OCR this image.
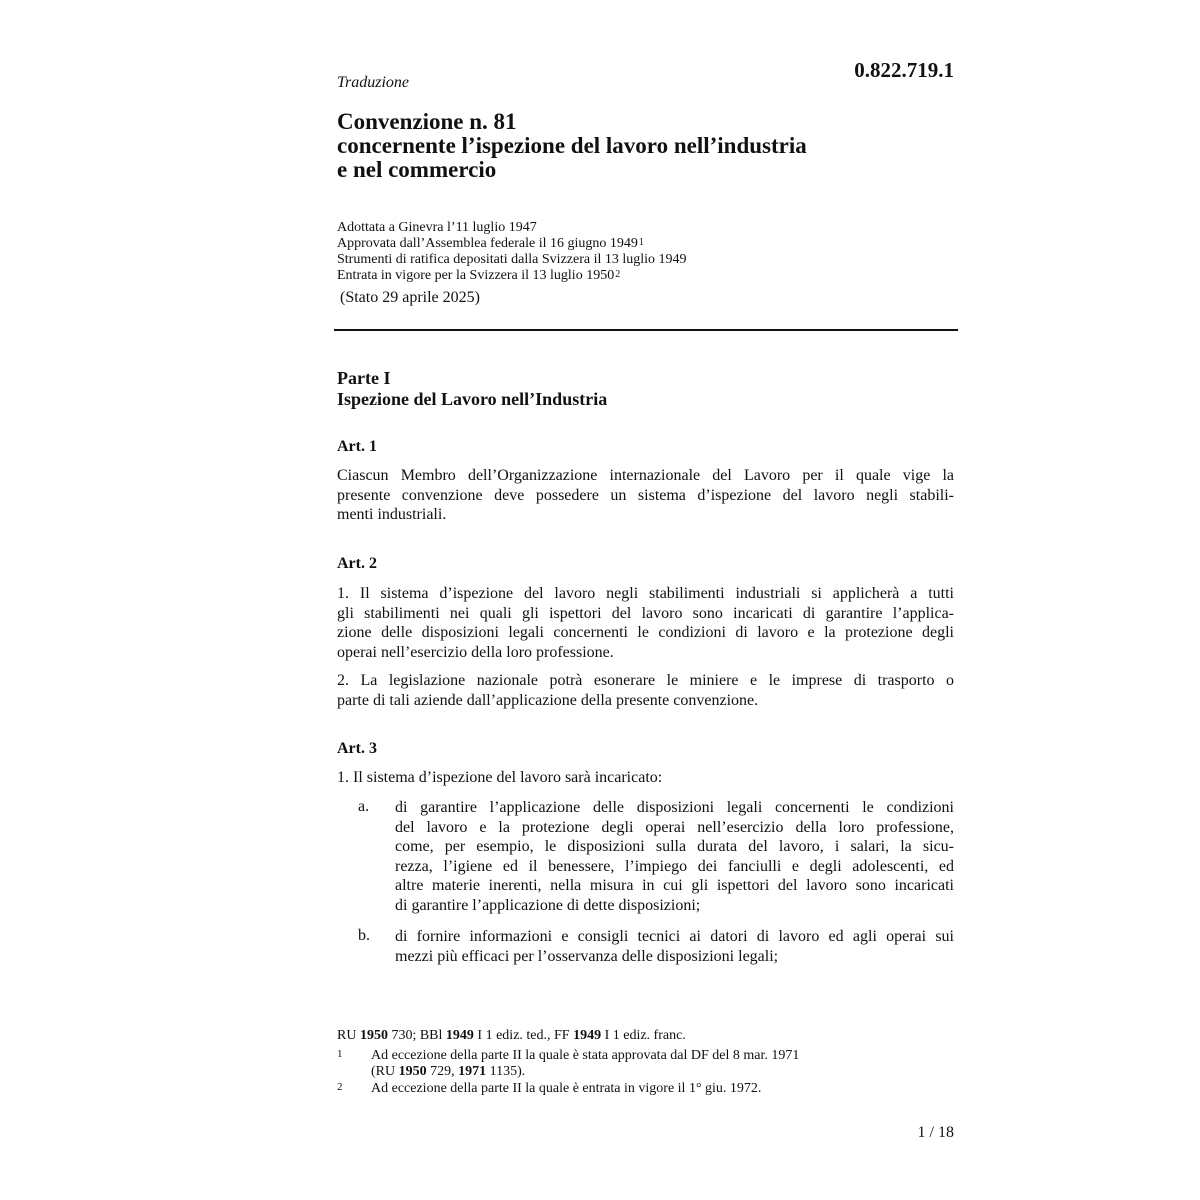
0.822.719.1
Traduzione
Convenzione n. 81
concernente l’ispezione del lavoro nell’industria
e nel commercio
Adottata a Ginevra l’11 luglio 1947
Approvata dall’Assemblea federale il 16 giugno 1949$^1$
Strumenti di ratifica depositati dalla Svizzera il 13 luglio 1949
Entrata in vigore per la Svizzera il 13 luglio 1950$^2$
(Stato 29 aprile 2025)
Parte I
Ispezione del Lavoro nell’Industria
Art. 1
Ciascun Membro dell’Organizzazione internazionale del Lavoro per il quale vige la
presente convenzione deve possedere un sistema d’ispezione del lavoro negli stabili-
menti industriali.
Art. 2
1. Il sistema d’ispezione del lavoro negli stabilimenti industriali si applicherà a tutti
gli stabilimenti nei quali gli ispettori del lavoro sono incaricati di garantire l’applica-
zione delle disposizioni legali concernenti le condizioni di lavoro e la protezione degli
operai nell’esercizio della loro professione.
2. La legislazione nazionale potrà esonerare le miniere e le imprese di trasporto o
parte di tali aziende dall’applicazione della presente convenzione.
Art. 3
1. Il sistema d’ispezione del lavoro sarà incaricato:
a. di garantire l’applicazione delle disposizioni legali concernenti le condizioni
del lavoro e la protezione degli operai nell’esercizio della loro professione,
come, per esempio, le disposizioni sulla durata del lavoro, i salari, la sicu-
rezza, l’igiene ed il benessere, l’impiego dei fanciulli e degli adolescenti, ed
altre materie inerenti, nella misura in cui gli ispettori del lavoro sono incaricati
di garantire l’applicazione di dette disposizioni;
b. di fornire informazioni e consigli tecnici ai datori di lavoro ed agli operai sui
mezzi più efficaci per l’osservanza delle disposizioni legali;
RU 1950 730; BBl 1949 I 1 ediz. ted., FF 1949 I 1 ediz. franc.
1 Ad eccezione della parte II la quale è stata approvata dal DF del 8 mar. 1971
(RU 1950 729, 1971 1135).
2 Ad eccezione della parte II la quale è entrata in vigore il 1° giu. 1972.
1 / 18
